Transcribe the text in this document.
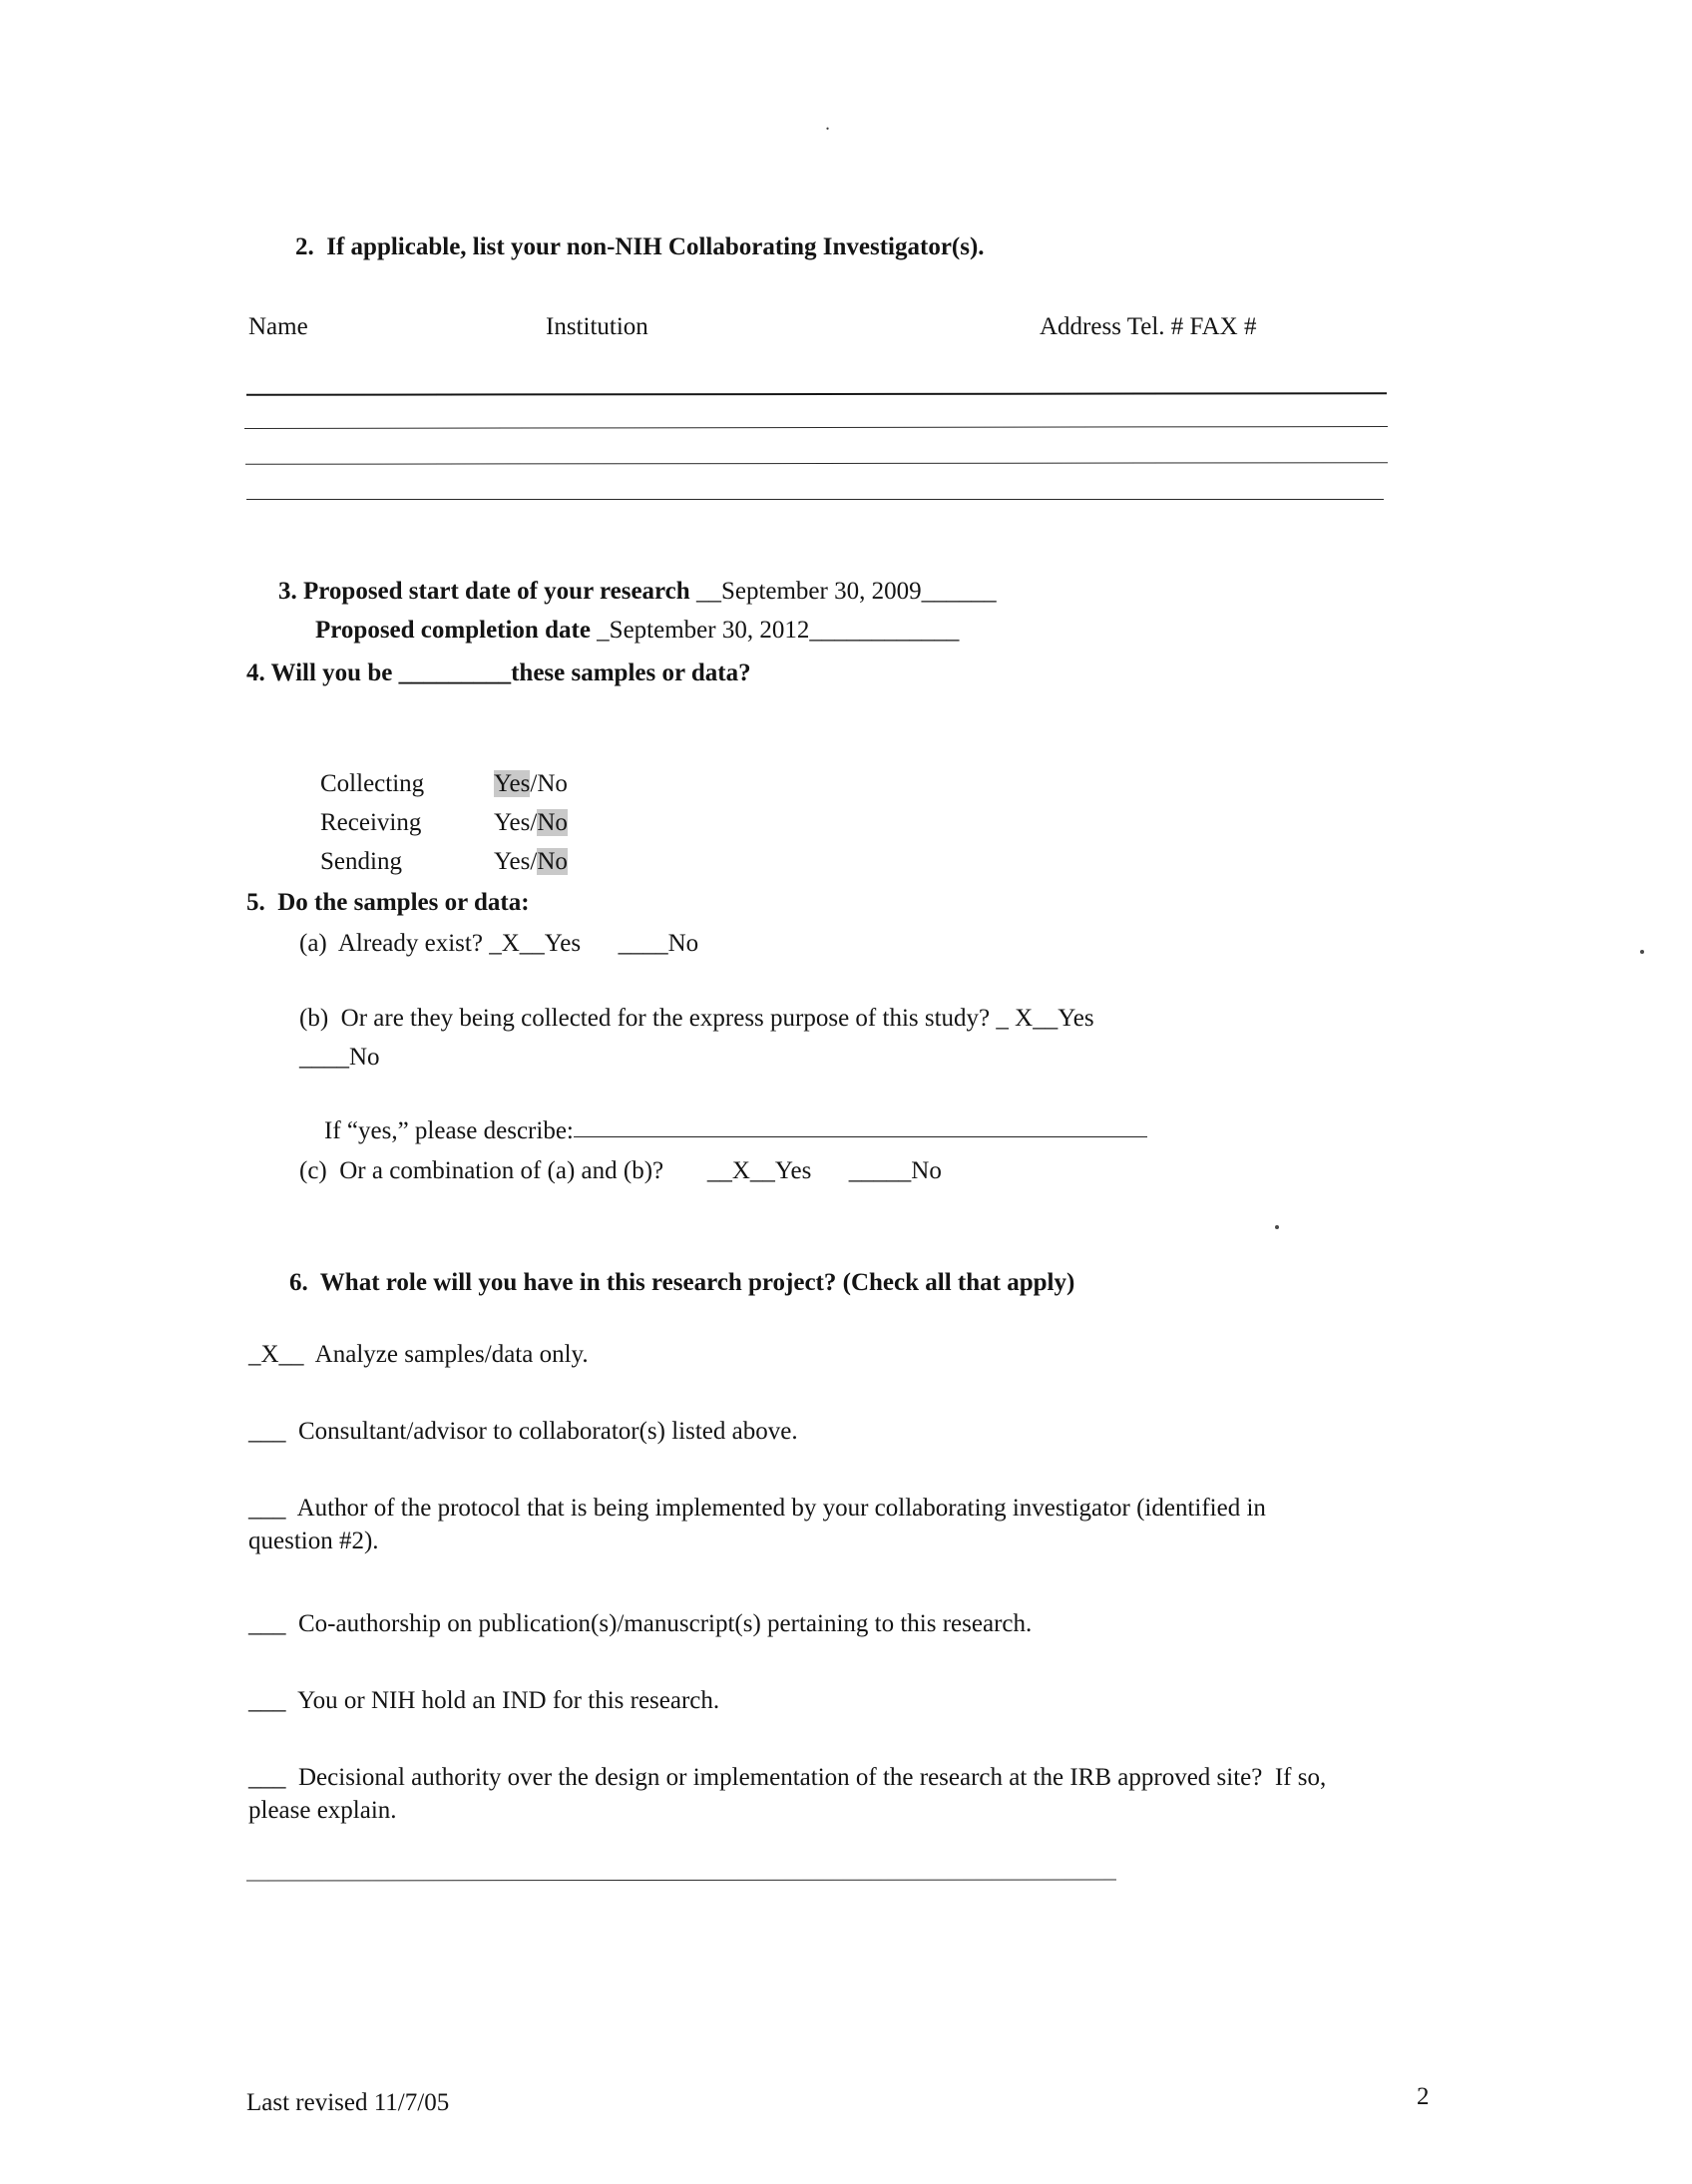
·
2.  If applicable, list your non-NIH Collaborating Investigator(s).
Name	Institution	Address Tel. # FAX #

3. Proposed start date of your research __September 30, 2009______

Proposed completion date _September 30, 2012____________

4. Will you be _________these samples or data?

Collecting	Yes/No

Receiving	Yes/No

Sending	Yes/No

5.  Do the samples or data:
(a)  Already exist? _X__Yes      ____No
(b)  Or are they being collected for the express purpose of this study? _ X__Yes
____No

If “yes,” please describe:

(c)  Or a combination of (a) and (b)?       __X__Yes      _____No
6.  What role will you have in this research project? (Check all that apply)
_X__  Analyze samples/data only.
___  Consultant/advisor to collaborator(s) listed above.
___  Author of the protocol that is being implemented by your collaborating investigator (identified in question #2).
___  Co-authorship on publication(s)/manuscript(s) pertaining to this research.
___  You or NIH hold an IND for this research.
___  Decisional authority over the design or implementation of the research at the IRB approved site?  If so, please explain.
Last revised 11/7/05	2
